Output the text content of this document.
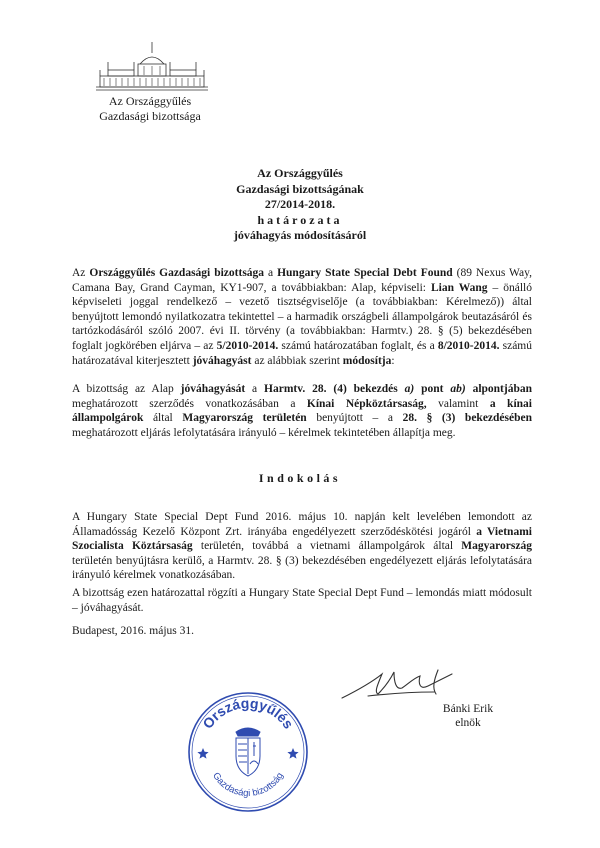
Az Országgyűlés
Gazdasági bizottsága
Az Országgyűlés
Gazdasági bizottságának
27/2014-2018.
határozata
jóváhagyás módosításáról
Az Országgyűlés Gazdasági bizottsága a Hungary State Special Debt Found (89 Nexus Way, Camana Bay, Grand Cayman, KY1-907, a továbbiakban: Alap, képviseli: Lian Wang – önálló képviseleti joggal rendelkező – vezető tisztségviselője (a továbbiakban: Kérelmező)) által benyújtott lemondó nyilatkozatra tekintettel – a harmadik országbeli állampolgárok beutazásáról és tartózkodásáról szóló 2007. évi II. törvény (a továbbiakban: Harmtv.) 28. § (5) bekezdésében foglalt jogkörében eljárva – az 5/2010-2014. számú határozatában foglalt, és a 8/2010-2014. számú határozatával kiterjesztett jóváhagyást az alábbiak szerint módosítja:
A bizottság az Alap jóváhagyását a Harmtv. 28. (4) bekezdés a) pont ab) alpontjában meghatározott szerződés vonatkozásában a Kínai Népköztársaság, valamint a kínai állampolgárok által Magyarország területén benyújtott – a 28. § (3) bekezdésében meghatározott eljárás lefolytatására irányuló – kérelmek tekintetében állapítja meg.
Indokolás
A Hungary State Special Dept Fund 2016. május 10. napján kelt levelében lemondott az Államadósság Kezelő Központ Zrt. irányába engedélyezett szerződéskötési jogáról a Vietnami Szocialista Köztársaság területén, továbbá a vietnami állampolgárok által Magyarország területén benyújtásra kerülő, a Harmtv. 28. § (3) bekezdésében engedélyezett eljárás lefolytatására irányuló kérelmek vonatkozásában.
A bizottság ezen határozattal rögzíti a Hungary State Special Dept Fund – lemondás miatt módosult – jóváhagyását.
Budapest, 2016. május 31.
Bánki Erik
elnök
Országgyűlés
Gazdasági bizottság
